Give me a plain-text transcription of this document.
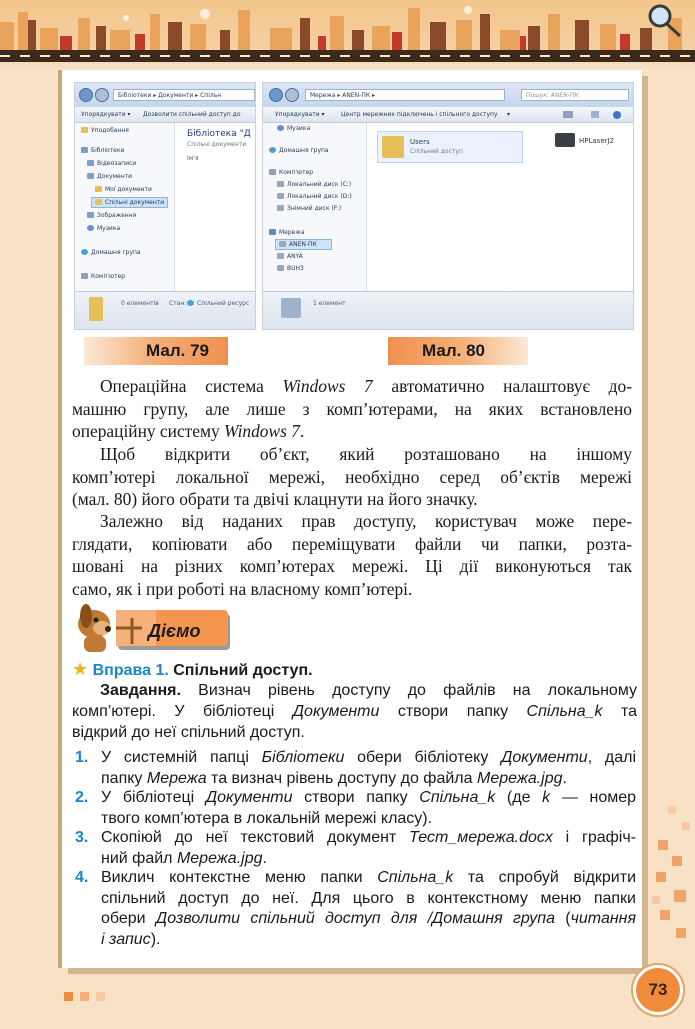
Бібліотеки ▸ Документи ▸ Спільн
Упорядкувати ▾ Дозволити спільний доступ до
Уподобання
Бібліотеки
Відеозаписи
Документи
Мої документи
Спільні документи
Зображення
Музика
Домашня група
Комп'ютер
Бібліотека "Д
Спільні документи
Ім'я
0 елементів Стан:	Спільний ресурс
Мережа ▸ ANEN-ПК ▸	Пошук: ANEN-ПК
Упорядкувати ▾	Центр мережних підключень і спільного доступу ▾
Музика
Домашня група
Комп'ютер
Локальний диск (C:)
Локальний диск (D:)
Знімний диск (F:)
Мережа
ANEN-ПК
ANYA
BUH3
Users
Спільний доступ
HPLaserJ2
1 елемент
Мал. 79	Мал. 80
Операційна система Windows 7 автоматично налаштовує до-
машню групу, але лише з комп’ютерами, на яких встановлено
операційну систему Windows 7.
Щоб відкрити об’єкт, який розташовано на іншому
комп’ютері локальної мережі, необхідно серед об’єктів мережі
(мал. 80) його обрати та двічі клацнути на його значку.
Залежно від наданих прав доступу, користувач може пере-
глядати, копіювати або переміщувати файли чи папки, розта-
шовані на різних комп’ютерах мережі. Ці дії виконуються так
само, як і при роботі на власному комп’ютері.
Дiємо
★ Вправа 1. Спільний доступ.
Завдання. Визнач рівень доступу до файлів на локальному
комп’ютері. У бібліотеці Документи створи папку Спільна_k та
відкрий до неї спільний доступ.
1. У системній папці Бібліотеки обери бібліотеку Документи, далі
папку Мережа та визнач рівень доступу до файла Мережа.jpg.
2. У бібліотеці Документи створи папку Спільна_k (де k — номер
твого комп’ютера в локальній мережі класу).
3. Скопіюй до неї текстовий документ Тест_мережа.docx і графіч-
ний файл Мережа.jpg.
4. Виклич контекстне меню папки Спільна_k та спробуй відкрити
спільний доступ до неї. Для цього в контекстному меню папки
обери Дозволити спільний доступ для /Домашня група (читання
і запис).
73
